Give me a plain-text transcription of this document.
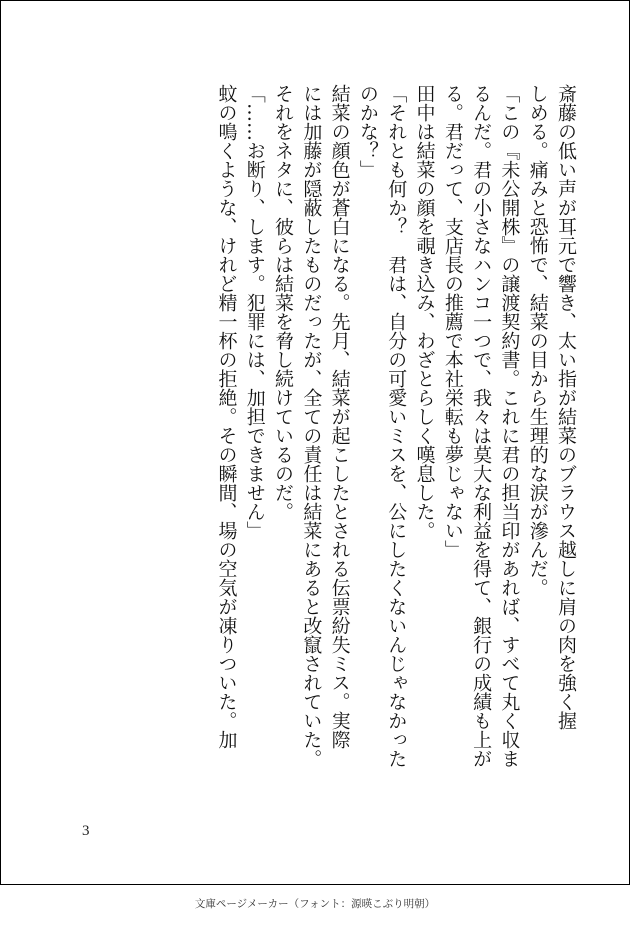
斎藤の低い声が耳元で響き、太い指が結菜のブラウス越しに肩の肉を強く握
しめる。痛みと恐怖で、結菜の目から生理的な涙が滲んだ。
「この『未公開株』の譲渡契約書。これに君の担当印があれば、すべて丸く収ま
るんだ。君の小さなハンコ一つで、我々は莫大な利益を得て、銀行の成績も上が
る。君だって、支店長の推薦で本社栄転も夢じゃない」
田中は結菜の顔を覗き込み、わざとらしく嘆息した。
「それとも何か？　君は、自分の可愛いミスを、公にしたくないんじゃなかった
のかな？」
結菜の顔色が蒼白になる。先月、結菜が起こしたとされる伝票紛失ミス。実際
には加藤が隠蔽したものだったが、全ての責任は結菜にあると改竄されていた。
それをネタに、彼らは結菜を脅し続けているのだ。
「……お断り、します。犯罪には、加担できません」
蚊の鳴くような、けれど精一杯の拒絶。その瞬間、場の空気が凍りついた。加
3
文庫ページメーカー（フォント：源暎こぶり明朝）
